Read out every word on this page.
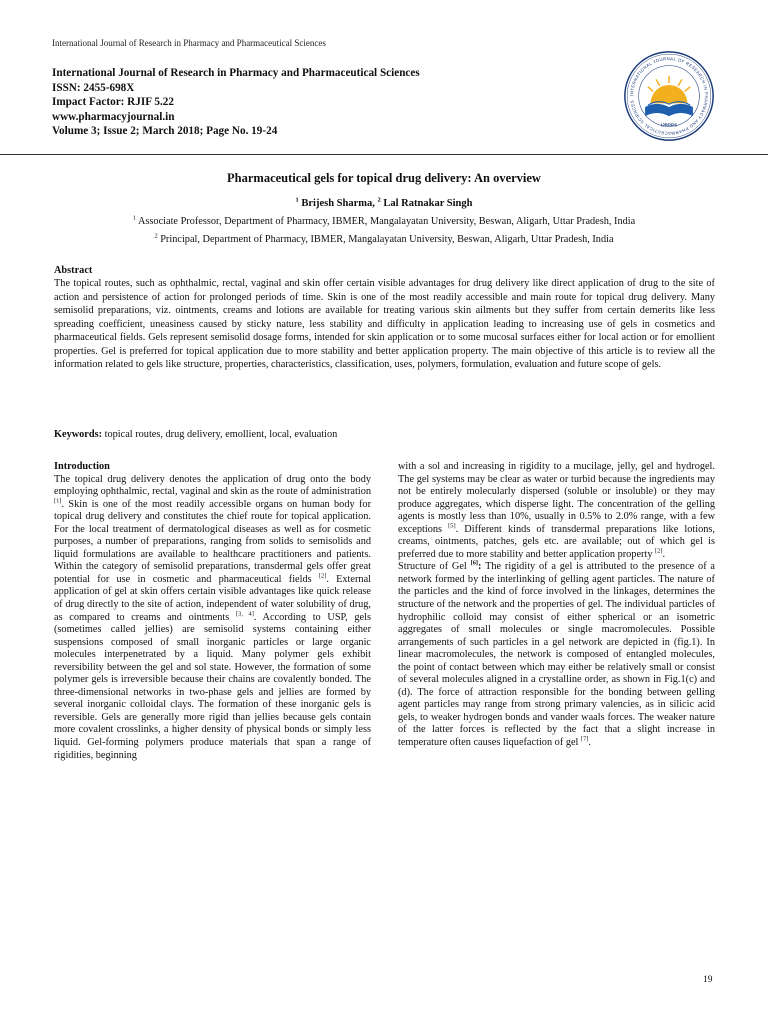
International Journal of Research in Pharmacy and Pharmaceutical Sciences
International Journal of Research in Pharmacy and Pharmaceutical Sciences
ISSN: 2455-698X
Impact Factor: RJIF 5.22
www.pharmacyjournal.in
Volume 3; Issue 2; March 2018; Page No. 19-24
INTERNATIONAL JOURNAL OF RESEARCH IN PHARMACY AND PHARMACEUTICAL SCIENCES
IJRPPS
Pharmaceutical gels for topical drug delivery: An overview
$^1$ Brijesh Sharma, $^2$ Lal Ratnakar Singh
$^1$ Associate Professor, Department of Pharmacy, IBMER, Mangalayatan University, Beswan, Aligarh, Uttar Pradesh, India
$^2$ Principal, Department of Pharmacy, IBMER, Mangalayatan University, Beswan, Aligarh, Uttar Pradesh, India
Abstract
The topical routes, such as ophthalmic, rectal, vaginal and skin offer certain visible advantages for drug delivery like direct application of drug to the site of action and persistence of action for prolonged periods of time. Skin is one of the most readily accessible and main route for topical drug delivery. Many semisolid preparations, viz. ointments, creams and lotions are available for treating various skin ailments but they suffer from certain demerits like less spreading coefficient, uneasiness caused by sticky nature, less stability and difficulty in application leading to increasing use of gels in cosmetics and pharmaceutical fields. Gels represent semisolid dosage forms, intended for skin application or to some mucosal surfaces either for local action or for emollient properties. Gel is preferred for topical application due to more stability and better application property. The main objective of this article is to review all the information related to gels like structure, properties, characteristics, classification, uses, polymers, formulation, evaluation and future scope of gels.
Keywords: topical routes, drug delivery, emollient, local, evaluation
Introduction
The topical drug delivery denotes the application of drug onto the body employing ophthalmic, rectal, vaginal and skin as the route of administration [1]. Skin is one of the most readily accessible organs on human body for topical drug delivery and constitutes the chief route for topical application. For the local treatment of dermatological diseases as well as for cosmetic purposes, a number of preparations, ranging from solids to semisolids and liquid formulations are available to healthcare practitioners and patients. Within the category of semisolid preparations, transdermal gels offer great potential for use in cosmetic and pharmaceutical fields [2]. External application of gel at skin offers certain visible advantages like quick release of drug directly to the site of action, independent of water solubility of drug, as compared to creams and ointments [3, 4]. According to USP, gels (sometimes called jellies) are semisolid systems containing either suspensions composed of small inorganic particles or large organic molecules interpenetrated by a liquid. Many polymer gels exhibit reversibility between the gel and sol state. However, the formation of some polymer gels is irreversible because their chains are covalently bonded. The three-dimensional networks in two-phase gels and jellies are formed by several inorganic colloidal clays. The formation of these inorganic gels is reversible. Gels are generally more rigid than jellies because gels contain more covalent crosslinks, a higher density of physical bonds or simply less liquid. Gel-forming polymers produce materials that span a range of rigidities, beginning
with a sol and increasing in rigidity to a mucilage, jelly, gel and hydrogel. The gel systems may be clear as water or turbid because the ingredients may not be entirely molecularly dispersed (soluble or insoluble) or they may produce aggregates, which disperse light. The concentration of the gelling agents is mostly less than 10%, usually in 0.5% to 2.0% range, with a few exceptions [5]. Different kinds of transdermal preparations like lotions, creams, ointments, patches, gels etc. are available; out of which gel is preferred due to more stability and better application property [2].
Structure of Gel [6]: The rigidity of a gel is attributed to the presence of a network formed by the interlinking of gelling agent particles. The nature of the particles and the kind of force involved in the linkages, determines the structure of the network and the properties of gel. The individual particles of hydrophilic colloid may consist of either spherical or an isometric aggregates of small molecules or single macromolecules. Possible arrangements of such particles in a gel network are depicted in (fig.1). In linear macromolecules, the network is composed of entangled molecules, the point of contact between which may either be relatively small or consist of several molecules aligned in a crystalline order, as shown in Fig.1(c) and (d). The force of attraction responsible for the bonding between gelling agent particles may range from strong primary valencies, as in silicic acid gels, to weaker hydrogen bonds and vander waals forces. The weaker nature of the latter forces is reflected by the fact that a slight increase in temperature often causes liquefaction of gel [7].
19
